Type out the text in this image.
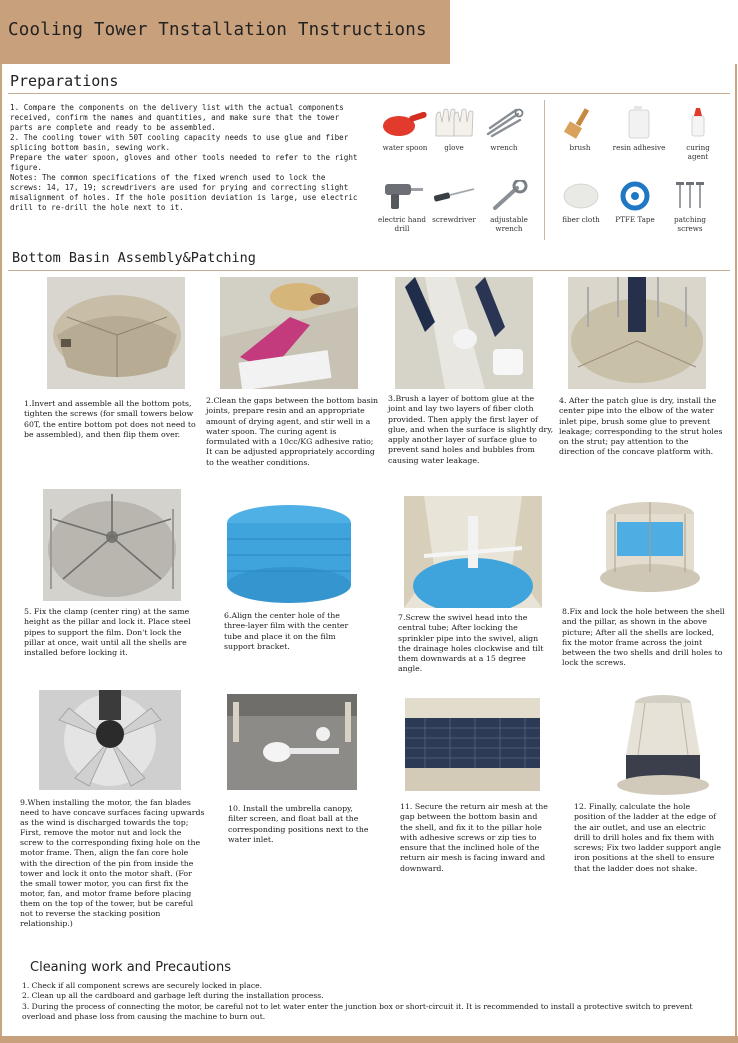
Cooling Tower Tnstallation Tnstructions
Preparations

1. Compare the components on the delivery list with the actual components received, confirm the names and quantities, and make sure that the tower parts are complete and ready to be assembled.

2. The cooling tower with 50T cooling capacity needs to use glue and fiber splicing bottom basin, sewing work.

Prepare the water spoon, gloves and other tools needed to refer to the right figure.

Notes: The common specifications of the fixed wrench used to lock the screws: 14, 17, 19; screwdrivers are used for prying and correcting slight misalignment of holes. If the hole position deviation is large, use electric drill to re-drill the hole next to it.

water spoon	glove	wrench	brush	resin adhesive	curing agent
electric hand drill
screwdriver	adjustable wrench
fiber cloth	PTFE Tape	patching screws
Bottom Basin Assembly&Patching
1.Invert and assemble all the bottom pots, tighten the screws (for small towers below 60T, the entire bottom pot does not need to be assembled), and then flip them over.
2.Clean the gaps between the bottom basin joints, prepare resin and an appropriate amount of drying agent, and stir well in a water spoon. The curing agent is formulated with a 10cc/KG adhesive ratio; It can be adjusted appropriately according to the weather conditions.
3.Brush a layer of bottom glue at the joint and lay two layers of fiber cloth provided. Then apply the first layer of glue, and when the surface is slightly dry, apply another layer of surface glue to prevent sand holes and bubbles from causing water leakage.
4. After the patch glue is dry, install the center pipe into the elbow of the water inlet pipe, brush some glue to prevent leakage; corresponding to the strut holes on the strut; pay attention to the direction of the concave platform with.
5. Fix the clamp (center ring) at the same height as the pillar and lock it. Place steel pipes to support the film. Don't lock the pillar at once, wait until all the shells are installed before locking it.
6.Align the center hole of the three-layer film with the center tube and place it on the film support bracket.
7.Screw the swivel head into the central tube; After locking the sprinkler pipe into the swivel, align the drainage holes clockwise and tilt them downwards at a 15 degree angle.
8.Fix and lock the hole between the shell and the pillar, as shown in the above picture; After all the shells are locked, fix the motor frame across the joint between the two shells and drill holes to lock the screws.
9.When installing the motor, the fan blades need to have concave surfaces facing upwards as the wind is discharged towards the top; First, remove the motor nut and lock the screw to the corresponding fixing hole on the motor frame. Then, align the fan core hole with the direction of the pin from inside the tower and lock it onto the motor shaft. (For the small tower motor, you can first fix the motor, fan, and motor frame before placing them on the top of the tower, but be careful not to reverse the stacking position relationship.)
10. Install the umbrella canopy, filter screen, and float ball at the corresponding positions next to the water inlet.
11. Secure the return air mesh at the gap between the bottom basin and the shell, and fix it to the pillar hole with adhesive screws or zip ties to ensure that the inclined hole of the return air mesh is facing inward and downward.
12. Finally, calculate the hole position of the ladder at the edge of the air outlet, and use an electric drill to drill holes and fix them with screws; Fix two ladder support angle iron positions at the shell to ensure that the ladder does not shake.
Cleaning work and Precautions

1. Check if all component screws are securely locked in place.

2. Clean up all the cardboard and garbage left during the installation process.

3. During the process of connecting the motor, be careful not to let water enter the junction box or short-circuit it. It is recommended to install a protective switch to prevent overload and phase loss from causing the machine to burn out.
